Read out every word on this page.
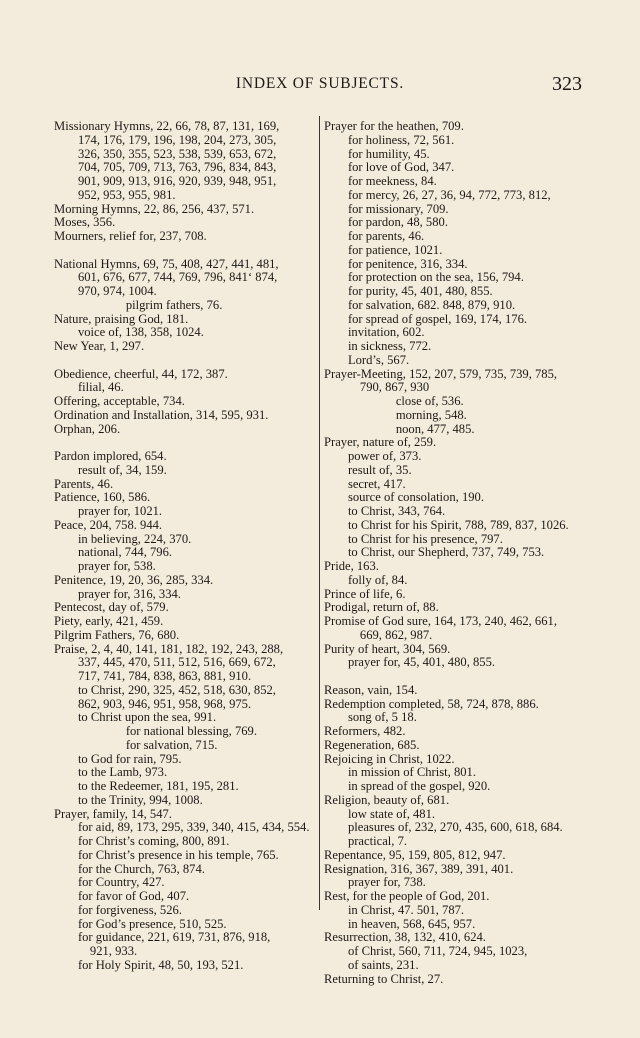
INDEX OF SUBJECTS.	323
Missionary Hymns, 22, 66, 78, 87, 131, 169,
174, 176, 179, 196, 198, 204, 273, 305,
326, 350, 355, 523, 538, 539, 653, 672,
704, 705, 709, 713, 763, 796, 834, 843,
901, 909, 913, 916, 920, 939, 948, 951,
952, 953, 955, 981.
Morning Hymns, 22, 86, 256, 437, 571.
Moses, 356.
Mourners, relief for, 237, 708.
National Hymns, 69, 75, 408, 427, 441, 481,
601, 676, 677, 744, 769, 796, 841‘ 874,
970, 974, 1004.
pilgrim fathers, 76.
Nature, praising God, 181.
voice of, 138, 358, 1024.
New Year, 1, 297.
Obedience, cheerful, 44, 172, 387.
filial, 46.
Offering, acceptable, 734.
Ordination and Installation, 314, 595, 931.
Orphan, 206.
Pardon implored, 654.
result of, 34, 159.
Parents, 46.
Patience, 160, 586.
prayer for, 1021.
Peace, 204, 758. 944.
in believing, 224, 370.
national, 744, 796.
prayer for, 538.
Penitence, 19, 20, 36, 285, 334.
prayer for, 316, 334.
Pentecost, day of, 579.
Piety, early, 421, 459.
Pilgrim Fathers, 76, 680.
Praise, 2, 4, 40, 141, 181, 182, 192, 243, 288,
337, 445, 470, 511, 512, 516, 669, 672,
717, 741, 784, 838, 863, 881, 910.
to Christ, 290, 325, 452, 518, 630, 852,
862, 903, 946, 951, 958, 968, 975.
to Christ upon the sea, 991.
for national blessing, 769.
for salvation, 715.
to God for rain, 795.
to the Lamb, 973.
to the Redeemer, 181, 195, 281.
to the Trinity, 994, 1008.
Prayer, family, 14, 547.
for aid, 89, 173, 295, 339, 340, 415, 434, 554.
for Christ’s coming, 800, 891.
for Christ’s presence in his temple, 765.
for the Church, 763, 874.
for Country, 427.
for favor of God, 407.
for forgiveness, 526.
for God’s presence, 510, 525.
for guidance, 221, 619, 731, 876, 918,
921, 933.
for Holy Spirit, 48, 50, 193, 521.
Prayer for the heathen, 709.
for holiness, 72, 561.
for humility, 45.
for love of God, 347.
for meekness, 84.
for mercy, 26, 27, 36, 94, 772, 773, 812,
for missionary, 709.
for pardon, 48, 580.
for parents, 46.
for patience, 1021.
for penitence, 316, 334.
for protection on the sea, 156, 794.
for purity, 45, 401, 480, 855.
for salvation, 682. 848, 879, 910.
for spread of gospel, 169, 174, 176.
invitation, 602.
in sickness, 772.
Lord’s, 567.
Prayer-Meeting, 152, 207, 579, 735, 739, 785,
790, 867, 930
close of, 536.
morning, 548.
noon, 477, 485.
Prayer, nature of, 259.
power of, 373.
result of, 35.
secret, 417.
source of consolation, 190.
to Christ, 343, 764.
to Christ for his Spirit, 788, 789, 837, 1026.
to Christ for his presence, 797.
to Christ, our Shepherd, 737, 749, 753.
Pride, 163.
folly of, 84.
Prince of life, 6.
Prodigal, return of, 88.
Promise of God sure, 164, 173, 240, 462, 661,
669, 862, 987.
Purity of heart, 304, 569.
prayer for, 45, 401, 480, 855.
Reason, vain, 154.
Redemption completed, 58, 724, 878, 886.
song of, 5 18.
Reformers, 482.
Regeneration, 685.
Rejoicing in Christ, 1022.
in mission of Christ, 801.
in spread of the gospel, 920.
Religion, beauty of, 681.
low state of, 481.
pleasures of, 232, 270, 435, 600, 618, 684.
practical, 7.
Repentance, 95, 159, 805, 812, 947.
Resignation, 316, 367, 389, 391, 401.
prayer for, 738.
Rest, for the people of God, 201.
in Christ, 47. 501, 787.
in heaven, 568, 645, 957.
Resurrection, 38, 132, 410, 624.
of Christ, 560, 711, 724, 945, 1023,
of saints, 231.
Returning to Christ, 27.
